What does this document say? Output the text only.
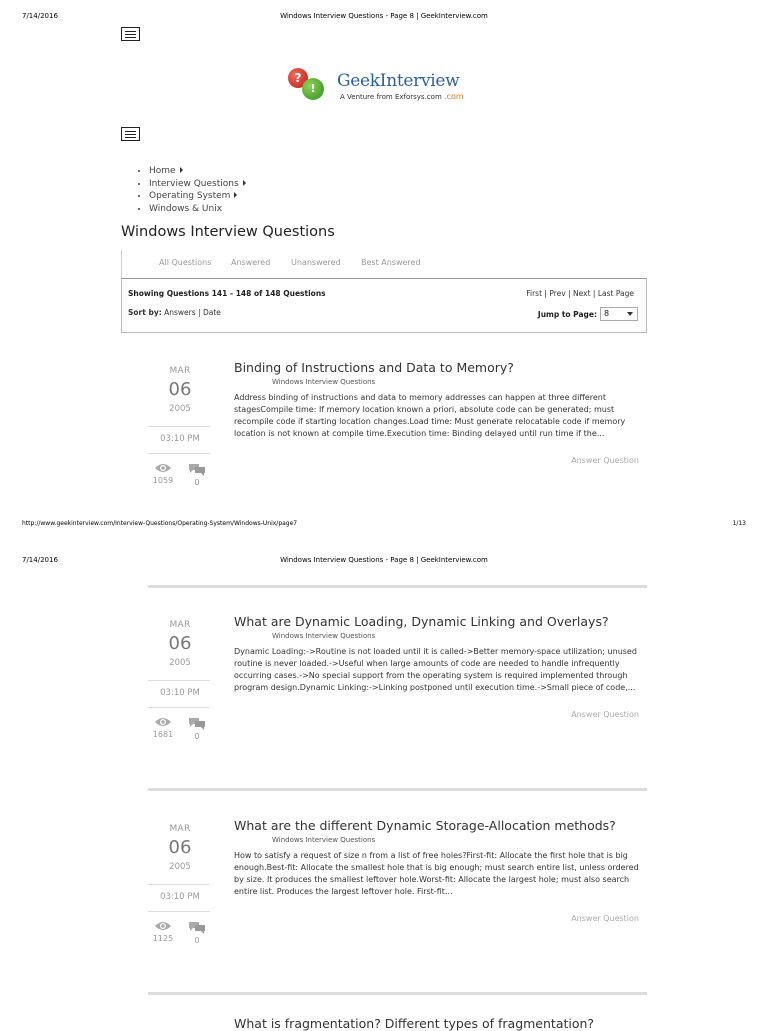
7/14/2016	Windows Interview Questions - Page 8 | GeekInterview.com
?
!	GeekInterview
A Venture from Exforsys.com .com
• Home
• Interview Questions
• Operating System
• Windows & Unix
Windows Interview Questions
All Questions Answered	Unanswered	Best Answered
Showing Questions 141 - 148 of 148 Questions
Sort by: Answers | Date
First | Prev | Next | Last Page
Jump to Page: 8
MAR
06
2005
03:10 PM
1059	0
Binding of Instructions and Data to Memory?
Windows Interview Questions
Address binding of instructions and data to memory addresses can happen at three different stagesCompile time: If memory location known a priori, absolute code can be generated; must recompile code if starting location changes.Load time: Must generate relocatable code if memory location is not known at compile time.Execution time: Binding delayed until run time if the...
Answer Question
http://www.geekinterview.com/Interview-Questions/Operating-System/Windows-Unix/page7	1/13
7/14/2016	Windows Interview Questions - Page 8 | GeekInterview.com
MAR
06
2005
03:10 PM
1681	0
What are Dynamic Loading, Dynamic Linking and Overlays?
Windows Interview Questions
Dynamic Loading:->Routine is not loaded until it is called->Better memory-space utilization; unused routine is never loaded.->Useful when large amounts of code are needed to handle infrequently occurring cases.->No special support from the operating system is required implemented through program design.Dynamic Linking:->Linking postponed until execution time.->Small piece of code,...
Answer Question
MAR
06
2005
03:10 PM
1125	0
What are the different Dynamic Storage-Allocation methods?
Windows Interview Questions
How to satisfy a request of size n from a list of free holes?First-fit: Allocate the first hole that is big enough.Best-fit: Allocate the smallest hole that is big enough; must search entire list, unless ordered by size. It produces the smallest leftover hole.Worst-fit: Allocate the largest hole; must also search entire list. Produces the largest leftover hole. First-fit...
Answer Question
What is fragmentation? Different types of fragmentation?
